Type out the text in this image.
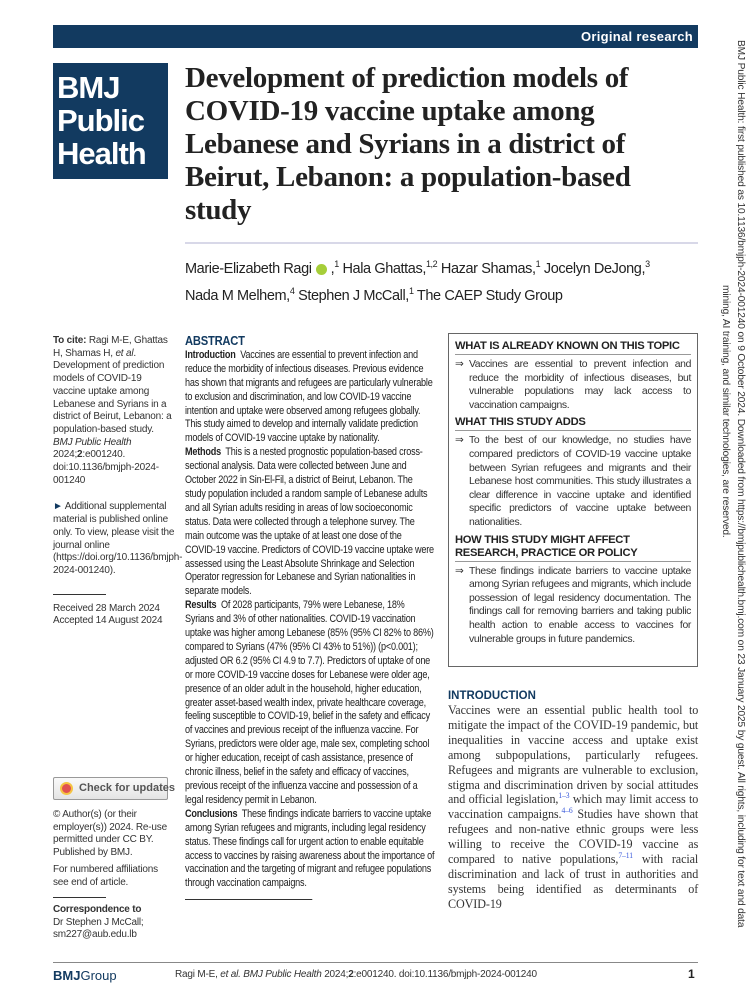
Original research
BMJ
Public
Health
Development of prediction models of COVID-19 vaccine uptake among Lebanese and Syrians in a district of Beirut, Lebanon: a population-based study
Marie-Elizabeth Ragi ,$^1$ Hala Ghattas,$^{1,2}$ Hazar Shamas,$^1$ Jocelyn DeJong,$^3$
Nada M Melhem,$^4$ Stephen J McCall,$^1$ The CAEP Study Group

To cite: Ragi M-E, Ghattas H, Shamas H, et al. Development of prediction models of COVID-19 vaccine uptake among Lebanese and Syrians in a district of Beirut, Lebanon: a population-based study. BMJ Public Health 2024;2:e001240. doi:10.1136/bmjph-2024-001240

► Additional supplemental material is published online only. To view, please visit the journal online (https://doi.org/10.1136/bmjph-2024-001240).

Received 28 March 2024
Accepted 14 August 2024
Check for updates

© Author(s) (or their employer(s)) 2024. Re-use permitted under CC BY. Published by BMJ.

For numbered affiliations see end of article.

Correspondence to
Dr Stephen J McCall;
sm227@aub.edu.lb
ABSTRACT

Introduction Vaccines are essential to prevent infection and reduce the morbidity of infectious diseases. Previous evidence has shown that migrants and refugees are particularly vulnerable to exclusion and discrimination, and low COVID-19 vaccine intention and uptake were observed among refugees globally. This study aimed to develop and internally validate prediction models of COVID-19 vaccine uptake by nationality.

Methods This is a nested prognostic population-based cross-sectional analysis. Data were collected between June and October 2022 in Sin-El-Fil, a district of Beirut, Lebanon. The study population included a random sample of Lebanese adults and all Syrian adults residing in areas of low socioeconomic status. Data were collected through a telephone survey. The main outcome was the uptake of at least one dose of the COVID-19 vaccine. Predictors of COVID-19 vaccine uptake were assessed using the Least Absolute Shrinkage and Selection Operator regression for Lebanese and Syrian nationalities in separate models.

Results Of 2028 participants, 79% were Lebanese, 18% Syrians and 3% of other nationalities. COVID-19 vaccination uptake was higher among Lebanese (85% (95% CI 82% to 86%) compared to Syrians (47% (95% CI 43% to 51%)) (p<0.001); adjusted OR 6.2 (95% CI 4.9 to 7.7). Predictors of uptake of one or more COVID-19 vaccine doses for Lebanese were older age, presence of an older adult in the household, higher education, greater asset-based wealth index, private healthcare coverage, feeling susceptible to COVID-19, belief in the safety and efficacy of vaccines and previous receipt of the influenza vaccine. For Syrians, predictors were older age, male sex, completing school or higher education, receipt of cash assistance, presence of chronic illness, belief in the safety and efficacy of vaccines, previous receipt of the influenza vaccine and possession of a legal residency permit in Lebanon.

Conclusions These findings indicate barriers to vaccine uptake among Syrian refugees and migrants, including legal residency status. These findings call for urgent action to enable equitable access to vaccines by raising awareness about the importance of vaccination and the targeting of migrant and refugee populations through vaccination campaigns.

WHAT IS ALREADY KNOWN ON THIS TOPIC
⇒ Vaccines are essential to prevent infection and reduce the morbidity of infectious diseases, but vulnerable populations may lack access to vaccination campaigns.
WHAT THIS STUDY ADDS
⇒ To the best of our knowledge, no studies have compared predictors of COVID-19 vaccine uptake between Syrian refugees and migrants and their Lebanese host communities. This study illustrates a clear difference in vaccine uptake and identified specific predictors of vaccine uptake between nationalities.
HOW THIS STUDY MIGHT AFFECT RESEARCH, PRACTICE OR POLICY
⇒ These findings indicate barriers to vaccine uptake among Syrian refugees and migrants, which include possession of legal residency documentation. The findings call for removing barriers and taking public health action to enable access to vaccines for vulnerable groups in future pandemics.
INTRODUCTION

Vaccines were an essential public health tool to mitigate the impact of the COVID-19 pandemic, but inequalities in vaccine access and uptake exist among subpopulations, particularly refugees. Refugees and migrants are vulnerable to exclusion, stigma and discrimination driven by social attitudes and official legislation,$^{1-3}$ which may limit access to vaccination campaigns.$^{4-6}$ Studies have shown that refugees and non-native ethnic groups were less willing to receive the COVID-19 vaccine as compared to native populations,$^{7-11}$ with racial discrimination and lack of trust in authorities and systems being identified as determinants of COVID-19

BMJGroup	Ragi M-E, et al. BMJ Public Health 2024;2:e001240. doi:10.1136/bmjph-2024-001240	1
BMJ Public Health: first published as 10.1136/bmjph-2024-001240 on 9 October 2024. Downloaded from https://bmjpublichealth.bmj.com on 23 January 2025 by guest. All rights, including for text and data
mining, AI training, and similar technologies, are reserved.
